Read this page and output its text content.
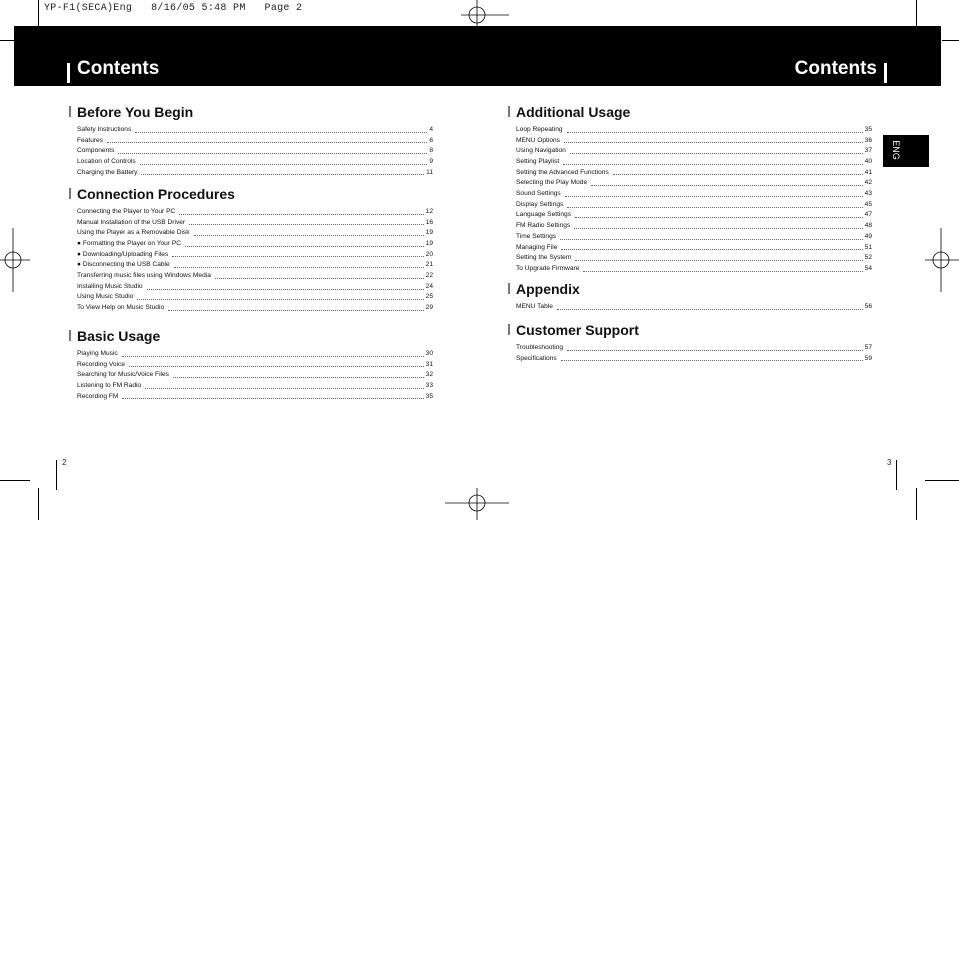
YP-F1(SECA)Eng   8/16/05 5:48 PM   Page 2
Contents	Contents
ENG
Before You Begin
Safety Instructions	4
Features	6
Components	8
Location of Controls	9
Charging the Battery	11
Connection Procedures
Connecting the Player to Your PC	12
Manual Installation of the USB Driver	16
Using the Player as a Removable Disk	19
● Formatting the Player on Your PC	19
● Downloading/Uploading Files	20
● Disconnecting the USB Cable	21
Transferring music files using Windows Media	22
Installing Music Studio	24
Using Music Studio	25
To View Help on Music Studio	29
Basic Usage
Playing Music	30
Recording Voice	31
Searching for Music/Voice Files	32
Listening to FM Radio	33
Recording FM	35
Additional Usage
Loop Repeating	35
MENU Options	36
Using Navigation	37
Setting Playlist	40
Setting the Advanced Functions	41
Selecting the Play Mode	42
Sound Settings	43
Display Settings	45
Language Settings	47
FM Radio Settings	48
Time Settings	49
Managing File	51
Setting the System	52
To Upgrade Firmware	54
Appendix
MENU Table	56
Customer Support
Troubleshooting	57
Specifications	59
2	3
